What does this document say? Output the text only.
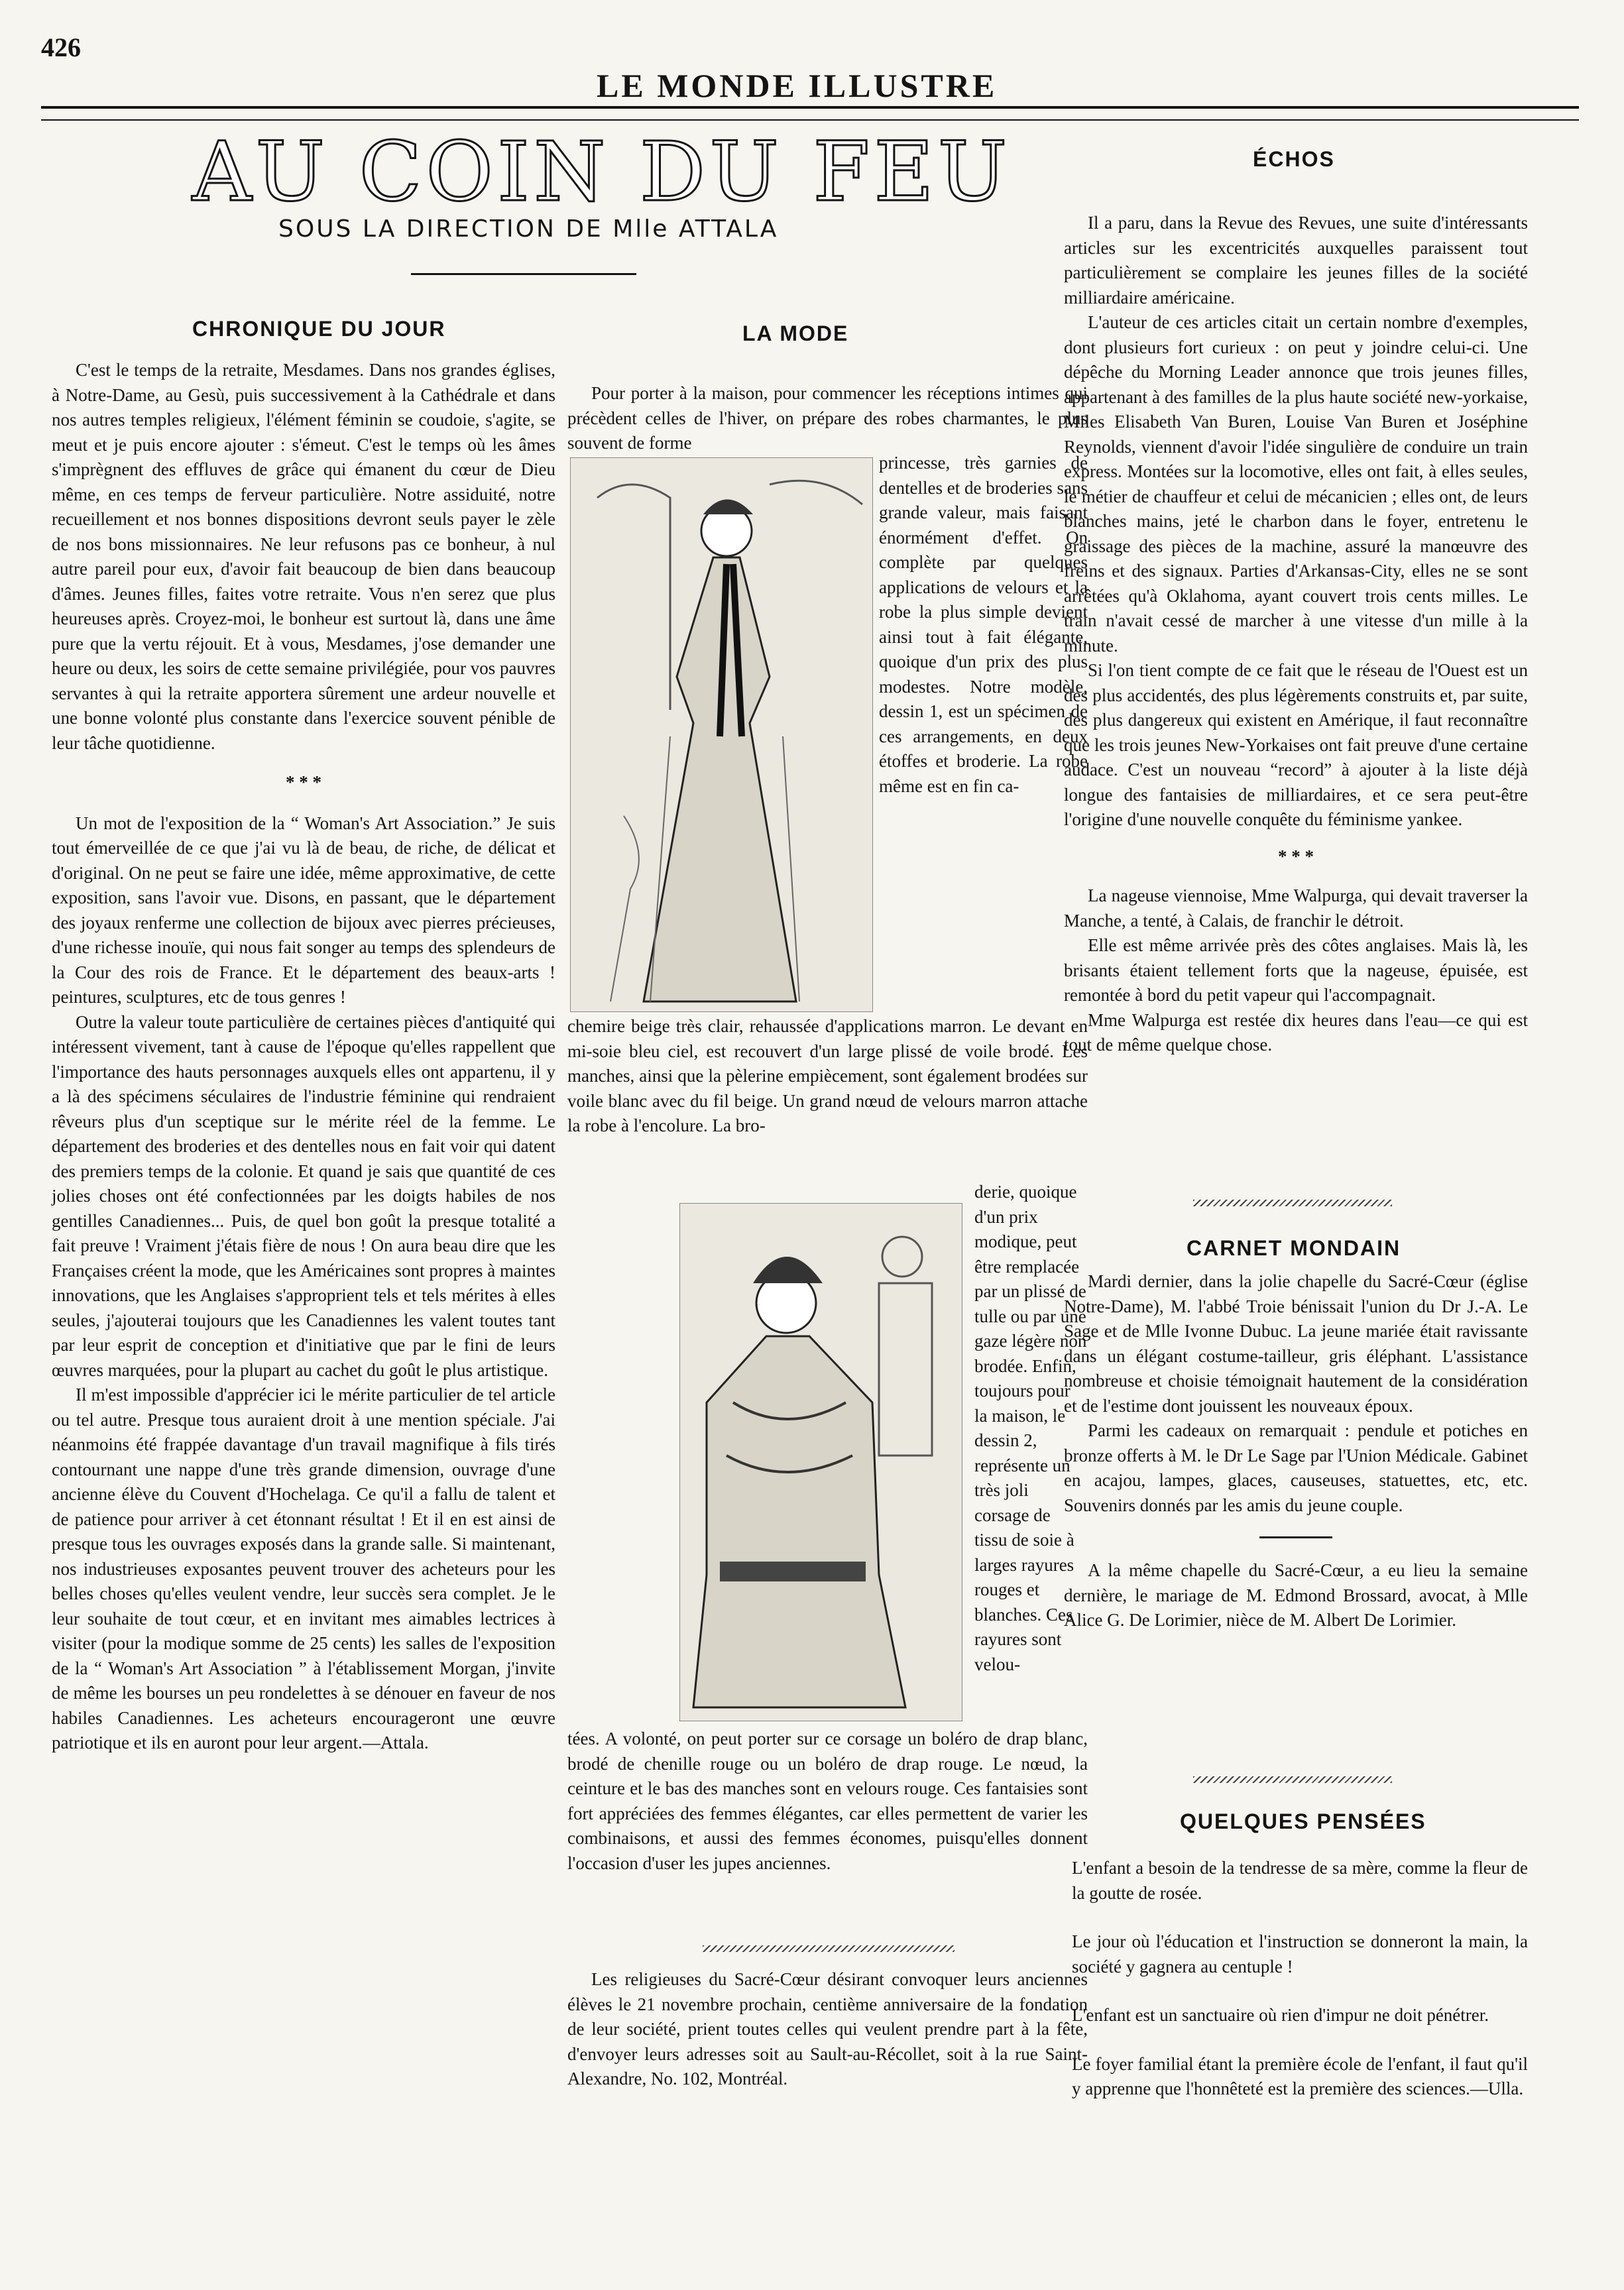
426
LE MONDE ILLUSTRE
AU COIN DU FEU
SOUS LA DIRECTION DE Mlle ATTALA
CHRONIQUE DU JOUR

C'est le temps de la retraite, Mesdames. Dans nos grandes églises, à Notre-Dame, au Gesù, puis successivement à la Cathédrale et dans nos autres temples religieux, l'élément féminin se coudoie, s'agite, se meut et je puis encore ajouter : s'émeut. C'est le temps où les âmes s'imprègnent des effluves de grâce qui émanent du cœur de Dieu même, en ces temps de ferveur particulière. Notre assiduité, notre recueillement et nos bonnes dispositions devront seuls payer le zèle de nos bons missionnaires. Ne leur refusons pas ce bonheur, à nul autre pareil pour eux, d'avoir fait beaucoup de bien dans beaucoup d'âmes. Jeunes filles, faites votre retraite. Vous n'en serez que plus heureuses après. Croyez-moi, le bonheur est surtout là, dans une âme pure que la vertu réjouit. Et à vous, Mesdames, j'ose demander une heure ou deux, les soirs de cette semaine privilégiée, pour vos pauvres servantes à qui la retraite apportera sûrement une ardeur nouvelle et une bonne volonté plus constante dans l'exercice souvent pénible de leur tâche quotidienne.

* * *

Un mot de l'exposition de la “ Woman's Art Association.” Je suis tout émerveillée de ce que j'ai vu là de beau, de riche, de délicat et d'original. On ne peut se faire une idée, même approximative, de cette exposition, sans l'avoir vue. Disons, en passant, que le département des joyaux renferme une collection de bijoux avec pierres précieuses, d'une richesse inouïe, qui nous fait songer au temps des splendeurs de la Cour des rois de France. Et le département des beaux-arts ! peintures, sculptures, etc de tous genres !

Outre la valeur toute particulière de certaines pièces d'antiquité qui intéressent vivement, tant à cause de l'époque qu'elles rappellent que l'importance des hauts personnages auxquels elles ont appartenu, il y a là des spécimens séculaires de l'industrie féminine qui rendraient rêveurs plus d'un sceptique sur le mérite réel de la femme. Le département des broderies et des dentelles nous en fait voir qui datent des premiers temps de la colonie. Et quand je sais que quantité de ces jolies choses ont été confectionnées par les doigts habiles de nos gentilles Canadiennes... Puis, de quel bon goût la presque totalité a fait preuve ! Vraiment j'étais fière de nous ! On aura beau dire que les Françaises créent la mode, que les Américaines sont propres à maintes innovations, que les Anglaises s'approprient tels et tels mérites à elles seules, j'ajouterai toujours que les Canadiennes les valent toutes tant par leur esprit de conception et d'initiative que par le fini de leurs œuvres marquées, pour la plupart au cachet du goût le plus artistique.

Il m'est impossible d'apprécier ici le mérite particulier de tel article ou tel autre. Presque tous auraient droit à une mention spéciale. J'ai néanmoins été frappée davantage d'un travail magnifique à fils tirés contournant une nappe d'une très grande dimension, ouvrage d'une ancienne élève du Couvent d'Hochelaga. Ce qu'il a fallu de talent et de patience pour arriver à cet étonnant résultat ! Et il en est ainsi de presque tous les ouvrages exposés dans la grande salle. Si maintenant, nos industrieuses exposantes peuvent trouver des acheteurs pour les belles choses qu'elles veulent vendre, leur succès sera complet. Je le leur souhaite de tout cœur, et en invitant mes aimables lectrices à visiter (pour la modique somme de 25 cents) les salles de l'exposition de la “ Woman's Art Association ” à l'établissement Morgan, j'invite de même les bourses un peu rondelettes à se dénouer en faveur de nos habiles Canadiennes. Les acheteurs encourageront une œuvre patriotique et ils en auront pour leur argent.—Attala.

LA MODE

Pour porter à la maison, pour commencer les réceptions intimes qui précèdent celles de l'hiver, on prépare des robes charmantes, le plus souvent de forme

princesse, très garnies de dentelles et de broderies sans grande valeur, mais faisant énormément d'effet. On complète par quelques applications de velours et la robe la plus simple devient ainsi tout à fait élégante, quoique d'un prix des plus modestes. Notre modèle, dessin 1, est un spécimen de ces arrangements, en deux étoffes et broderie. La robe même est en fin ca-

chemire beige très clair, rehaussée d'applications marron. Le devant en mi-soie bleu ciel, est recouvert d'un large plissé de voile brodé. Les manches, ainsi que la pèlerine empiècement, sont également brodées sur voile blanc avec du fil beige. Un grand nœud de velours marron attache la robe à l'encolure. La bro-

derie, quoique d'un prix modique, peut être remplacée par un plissé de tulle ou par une gaze légère non brodée. Enfin, toujours pour la maison, le dessin 2, représente un très joli corsage de tissu de soie à larges rayures rouges et blanches. Ces rayures sont velou-

tées. A volonté, on peut porter sur ce corsage un boléro de drap blanc, brodé de chenille rouge ou un boléro de drap rouge. Le nœud, la ceinture et le bas des manches sont en velours rouge. Ces fantaisies sont fort appréciées des femmes élégantes, car elles permettent de varier les combinaisons, et aussi des femmes économes, puisqu'elles donnent l'occasion d'user les jupes anciennes.

Les religieuses du Sacré-Cœur désirant convoquer leurs anciennes élèves le 21 novembre prochain, centième anniversaire de la fondation de leur société, prient toutes celles qui veulent prendre part à la fête, d'envoyer leurs adresses soit au Sault-au-Récollet, soit à la rue Saint-Alexandre, No. 102, Montréal.

ÉCHOS

Il a paru, dans la Revue des Revues, une suite d'intéressants articles sur les excentricités auxquelles paraissent tout particulièrement se complaire les jeunes filles de la société milliardaire américaine.

L'auteur de ces articles citait un certain nombre d'exemples, dont plusieurs fort curieux : on peut y joindre celui-ci. Une dépêche du Morning Leader annonce que trois jeunes filles, appartenant à des familles de la plus haute société new-yorkaise, Miles Elisabeth Van Buren, Louise Van Buren et Joséphine Reynolds, viennent d'avoir l'idée singulière de conduire un train express. Montées sur la locomotive, elles ont fait, à elles seules, le métier de chauffeur et celui de mécanicien ; elles ont, de leurs blanches mains, jeté le charbon dans le foyer, entretenu le graissage des pièces de la machine, assuré la manœuvre des freins et des signaux. Parties d'Arkansas-City, elles ne se sont arrêtées qu'à Oklahoma, ayant couvert trois cents milles. Le train n'avait cessé de marcher à une vitesse d'un mille à la minute.

Si l'on tient compte de ce fait que le réseau de l'Ouest est un des plus accidentés, des plus légèrements construits et, par suite, des plus dangereux qui existent en Amérique, il faut reconnaître que les trois jeunes New-Yorkaises ont fait preuve d'une certaine audace. C'est un nouveau “record” à ajouter à la liste déjà longue des fantaisies de milliardaires, et ce sera peut-être l'origine d'une nouvelle conquête du féminisme yankee.

* * *

La nageuse viennoise, Mme Walpurga, qui devait traverser la Manche, a tenté, à Calais, de franchir le détroit.

Elle est même arrivée près des côtes anglaises. Mais là, les brisants étaient tellement forts que la nageuse, épuisée, est remontée à bord du petit vapeur qui l'accompagnait.

Mme Walpurga est restée dix heures dans l'eau—ce qui est tout de même quelque chose.

CARNET MONDAIN

Mardi dernier, dans la jolie chapelle du Sacré-Cœur (église Notre-Dame), M. l'abbé Troie bénissait l'union du Dr J.-A. Le Sage et de Mlle Ivonne Dubuc. La jeune mariée était ravissante dans un élégant costume-tailleur, gris éléphant. L'assistance nombreuse et choisie témoignait hautement de la considération et de l'estime dont jouissent les nouveaux époux.

Parmi les cadeaux on remarquait : pendule et potiches en bronze offerts à M. le Dr Le Sage par l'Union Médicale. Gabinet en acajou, lampes, glaces, causeuses, statuettes, etc, etc. Souvenirs donnés par les amis du jeune couple.

A la même chapelle du Sacré-Cœur, a eu lieu la semaine dernière, le mariage de M. Edmond Brossard, avocat, à Mlle Alice G. De Lorimier, nièce de M. Albert De Lorimier.

QUELQUES PENSÉES

L'enfant a besoin de la tendresse de sa mère, comme la fleur de la goutte de rosée.

Le jour où l'éducation et l'instruction se donneront la main, la société y gagnera au centuple !

L'enfant est un sanctuaire où rien d'impur ne doit pénétrer.

Le foyer familial étant la première école de l'enfant, il faut qu'il y apprenne que l'honnêteté est la première des sciences.—Ulla.
